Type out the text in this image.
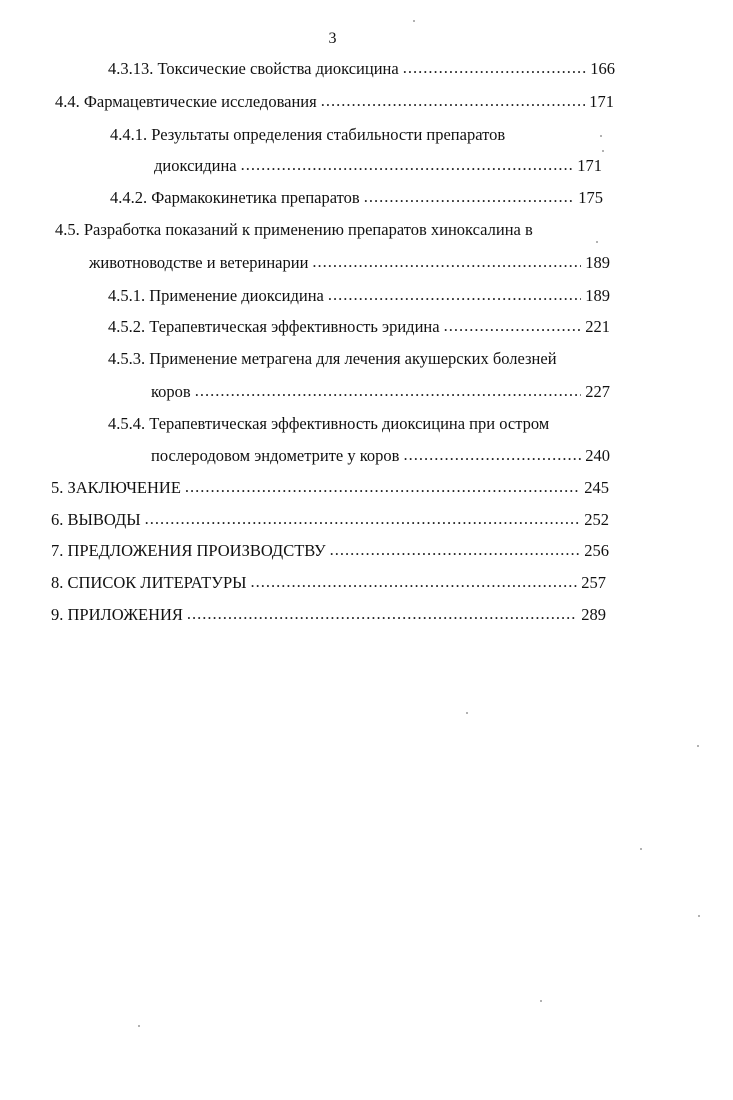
3
4.3.13. Токсические свойства диоксицина .....	166
4.4. Фармацевтические исследования .....	171
4.4.1. Результаты определения стабильности препаратов
диоксидина .....	171
4.4.2. Фармакокинетика препаратов .....	175
4.5. Разработка показаний к применению препаратов хиноксалина в
животноводстве и ветеринарии .....	189
4.5.1. Применение диоксидина .....	189
4.5.2. Терапевтическая эффективность эридина .....	221
4.5.3. Применение метрагена для лечения акушерских болезней
коров .....	227
4.5.4. Терапевтическая эффективность диоксицина при остром
послеродовом эндометрите у коров .....	240
5. ЗАКЛЮЧЕНИЕ .....	245
6. ВЫВОДЫ .....	252
7. ПРЕДЛОЖЕНИЯ ПРОИЗВОДСТВУ .....	256
8. СПИСОК ЛИТЕРАТУРЫ .....	257
9. ПРИЛОЖЕНИЯ .....	289
